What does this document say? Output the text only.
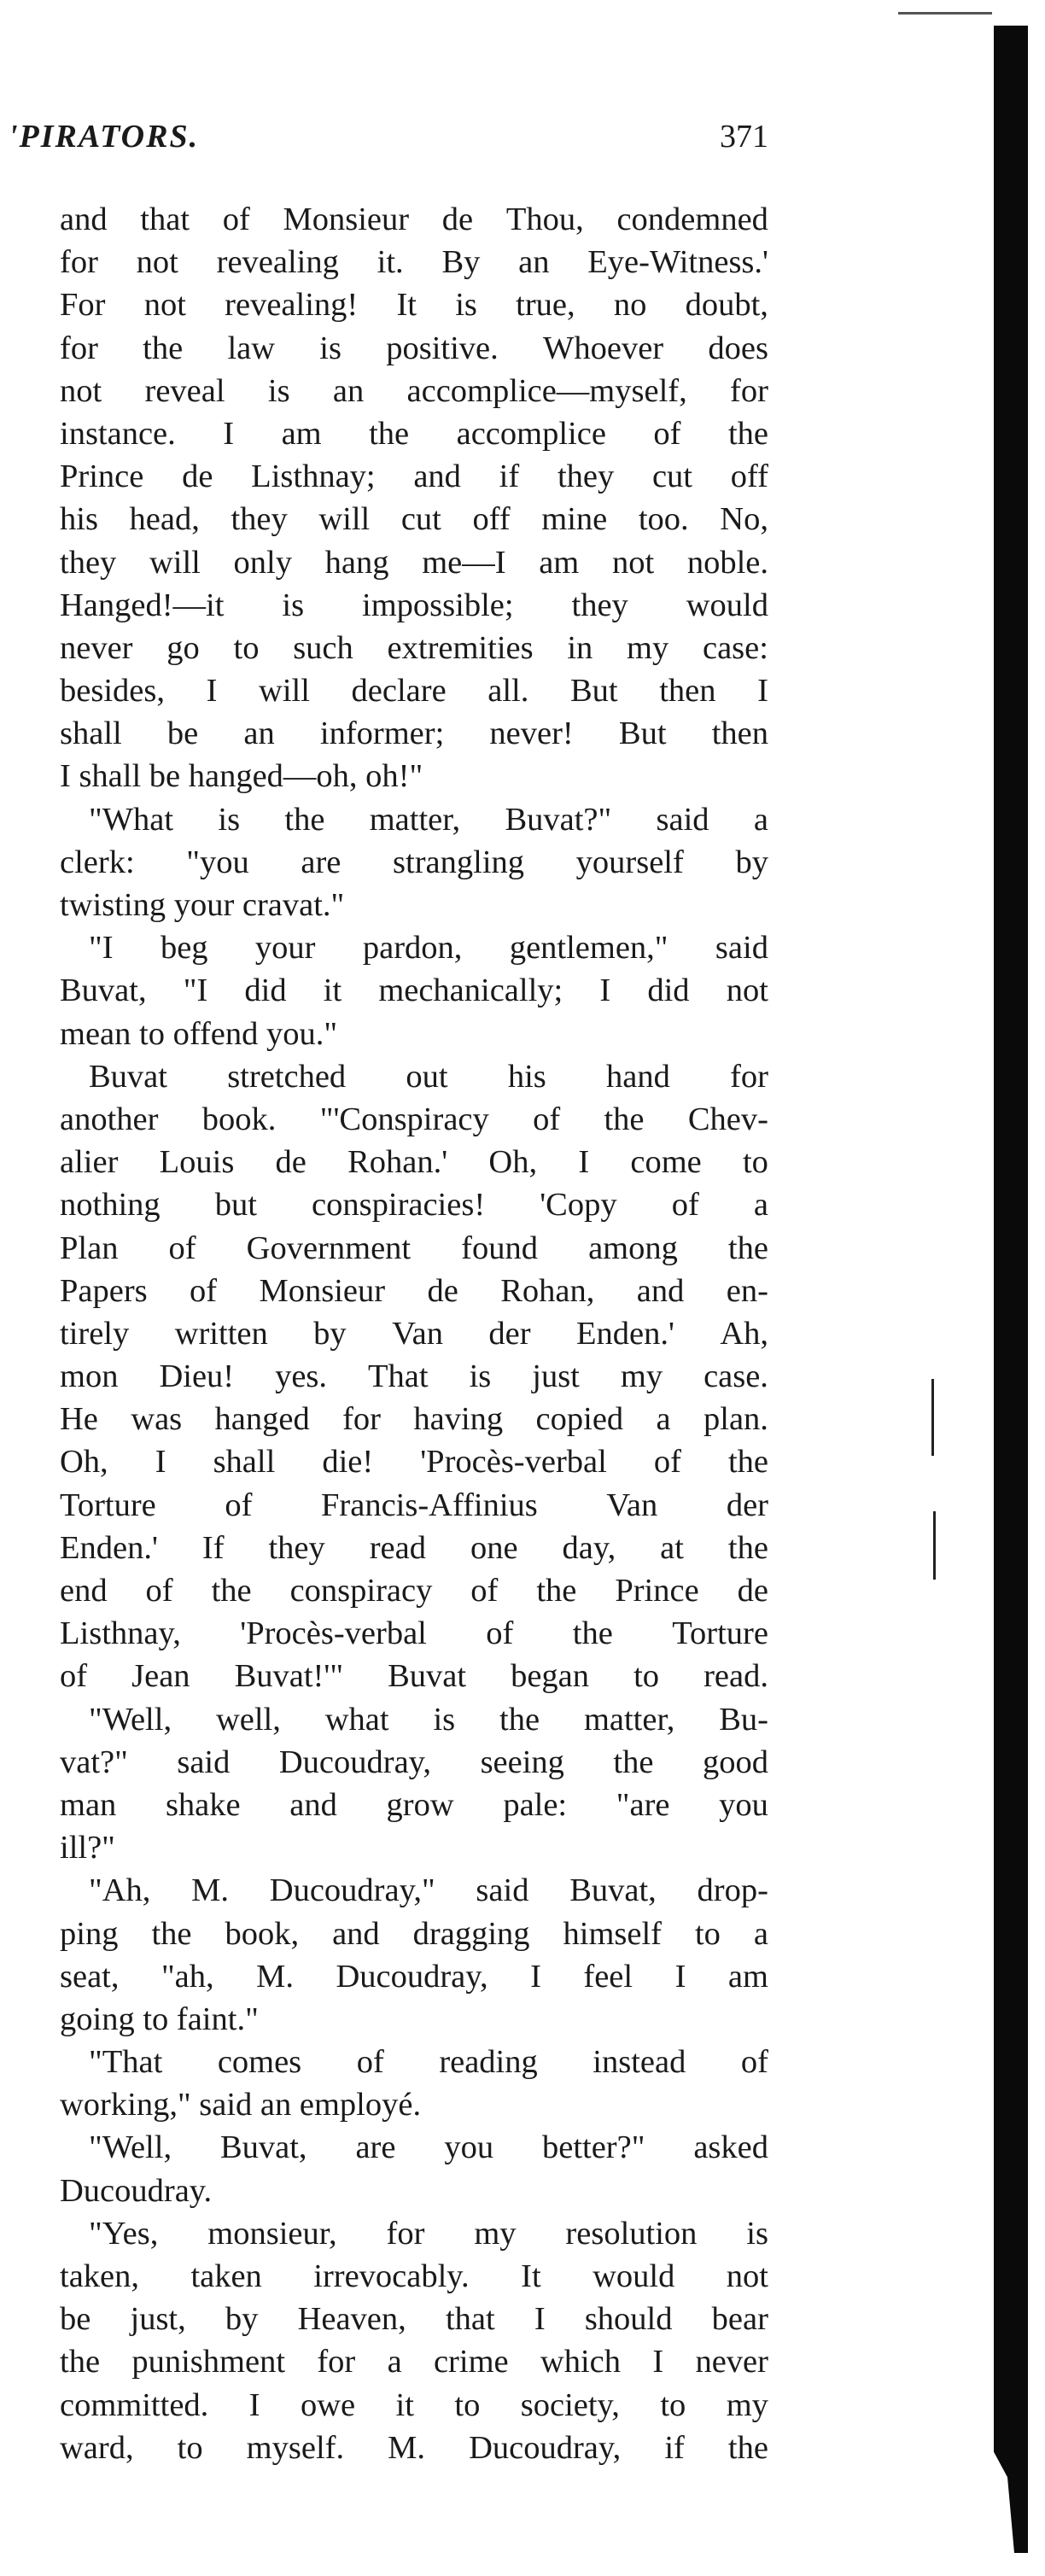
'PIRATORS.	371
and that of Monsieur de Thou, condemned
for not revealing it. By an Eye-Witness.'
For not revealing! It is true, no doubt,
for the law is positive. Whoever does
not reveal is an accomplice—myself, for
instance. I am the accomplice of the
Prince de Listhnay; and if they cut off
his head, they will cut off mine too. No,
they will only hang me—I am not noble.
Hanged!—it is impossible; they would
never go to such extremities in my case:
besides, I will declare all. But then I
shall be an informer; never! But then
I shall be hanged—oh, oh!"
"What is the matter, Buvat?" said a
clerk: "you are strangling yourself by
twisting your cravat."
"I beg your pardon, gentlemen," said
Buvat, "I did it mechanically; I did not
mean to offend you."
Buvat stretched out his hand for
another book. "'Conspiracy of the Chev-
alier Louis de Rohan.' Oh, I come to
nothing but conspiracies! 'Copy of a
Plan of Government found among the
Papers of Monsieur de Rohan, and en-
tirely written by Van der Enden.' Ah,
mon Dieu! yes. That is just my case.
He was hanged for having copied a plan.
Oh, I shall die! 'Procès-verbal of the
Torture of Francis-Affinius Van der
Enden.' If they read one day, at the
end of the conspiracy of the Prince de
Listhnay, 'Procès-verbal of the Torture
of Jean Buvat!'" Buvat began to read.
"Well, well, what is the matter, Bu-
vat?" said Ducoudray, seeing the good
man shake and grow pale: "are you
ill?"
"Ah, M. Ducoudray," said Buvat, drop-
ping the book, and dragging himself to a
seat, "ah, M. Ducoudray, I feel I am
going to faint."
"That comes of reading instead of
working," said an employé.
"Well, Buvat, are you better?" asked
Ducoudray.
"Yes, monsieur, for my resolution is
taken, taken irrevocably. It would not
be just, by Heaven, that I should bear
the punishment for a crime which I never
committed. I owe it to society, to my
ward, to myself. M. Ducoudray, if the
